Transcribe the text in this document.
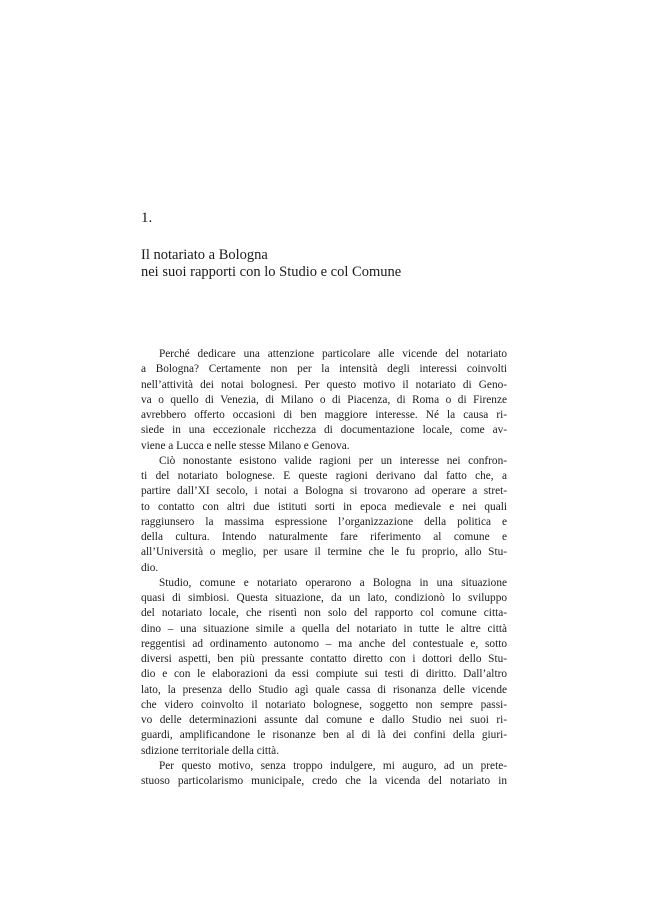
1.
Il notariato a Bologna
nei suoi rapporti con lo Studio e col Comune
Perché dedicare una attenzione particolare alle vicende del notariato
a Bologna? Certamente non per la intensità degli interessi coinvolti
nell’attività dei notai bolognesi. Per questo motivo il notariato di Geno-
va o quello di Venezia, di Milano o di Piacenza, di Roma o di Firenze
avrebbero offerto occasioni di ben maggiore interesse. Né la causa ri-
siede in una eccezionale ricchezza di documentazione locale, come av-
viene a Lucca e nelle stesse Milano e Genova.
Ciò nonostante esistono valide ragioni per un interesse nei confron-
ti del notariato bolognese. E queste ragioni derivano dal fatto che, a
partire dall’XI secolo, i notai a Bologna si trovarono ad operare a stret-
to contatto con altri due istituti sorti in epoca medievale e nei quali
raggiunsero la massima espressione l’organizzazione della politica e
della cultura. Intendo naturalmente fare riferimento al comune e
all’Università o meglio, per usare il termine che le fu proprio, allo Stu-
dio.
Studio, comune e notariato operarono a Bologna in una situazione
quasi di simbiosi. Questa situazione, da un lato, condizionò lo sviluppo
del notariato locale, che risentì non solo del rapporto col comune citta-
dino – una situazione simile a quella del notariato in tutte le altre città
reggentisi ad ordinamento autonomo – ma anche del contestuale e, sotto
diversi aspetti, ben più pressante contatto diretto con i dottori dello Stu-
dio e con le elaborazioni da essi compiute sui testi di diritto. Dall’altro
lato, la presenza dello Studio agì quale cassa di risonanza delle vicende
che videro coinvolto il notariato bolognese, soggetto non sempre passi-
vo delle determinazioni assunte dal comune e dallo Studio nei suoi ri-
guardi, amplificandone le risonanze ben al di là dei confini della giuri-
sdizione territoriale della città.
Per questo motivo, senza troppo indulgere, mi auguro, ad un prete-
stuoso particolarismo municipale, credo che la vicenda del notariato in
